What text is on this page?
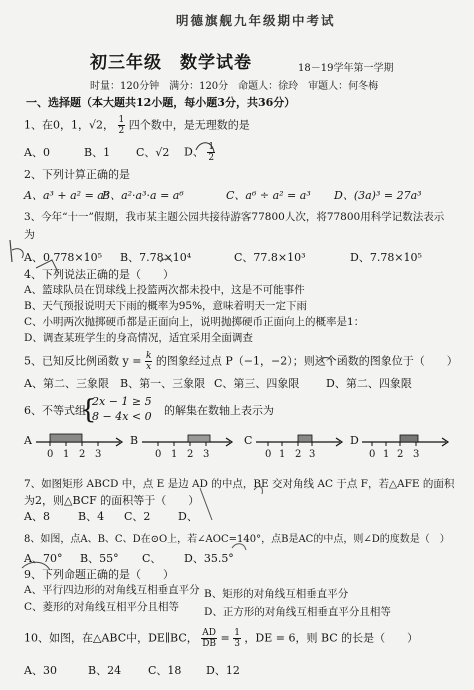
明德旗舰九年级期中考试
初三年级　数学试卷	18－19学年第一学期
时量：120分钟　满分：120分　命题人：徐玲　审题人：何冬梅
一、选择题（本大题共12小题，每小题3分，共36分）
1、在0，1，√2， $\frac{1}{2}$ 四个数中，是无理数的是
A、0	B、1 C、√2 D、 $\frac{1}{2}$
2、下列计算正确的是
A、a³ + a² = a⁵
B、a²·a³·a = a⁶	C、a⁶ ÷ a² = a³ D、(3a)³ = 27a³
3、今年“十一”假期，我市某主题公园共接待游客77800人次，将77800用科学记数法表示
为
A、0.778×10⁵ B、7.78×10⁴	C、77.8×10³	D、7.78×10⁵
4、下列说法正确的是（　　）
A、篮球队员在罚球线上投篮两次都未投中，这是不可能事件
B、天气预报说明天下雨的概率为95%，意味着明天一定下雨
C、小明两次抛掷硬币都是正面向上，说明抛掷硬币正面向上的概率是1：
D、调查某班学生的身高情况，适宜采用全面调查
5、已知反比例函数 $y = \frac{k}{x}$ 的图象经过点 P（−1，−2）；则这个函数的图象位于（　　）
A、第二、三象限 B、第一、三象限 C、第三、四象限 D、第二、四象限
6、不等式组
{
2x − 1 ≥ 5
8 − 4x < 0 的解集在数轴上表示为
A	B	C	D
0 1 2 3	0 1 2 3	0 1 2 3	0 1 2 3
7、如图矩形 ABCD 中，点 E 是边 AD 的中点，BE 交对角线 AC 于点 F，若△AFE 的面积
为2，则△BCF 的面积等于（　　）
A、8	B、4 C、2	D、
8、如图，点A、B、C、D在⊙O上，若∠AOC=140°，点B是AC的中点，则∠D的度数是（　）
A、70° B、55° C、 D、35.5°
9、下列命题正确的是（　　）
A、平行四边形的对角线互相垂直平分 B、矩形的对角线互相垂直平分
C、菱形的对角线互相平分且相等 D、正方形的对角线互相垂直平分且相等
10、如图，在△ABC中，DE∥BC， $\frac{AD}{DB} = \frac{1}{3}$ ，DE = 6，则 BC 的长是（　　）
A、30	B、24 C、18 D、12
